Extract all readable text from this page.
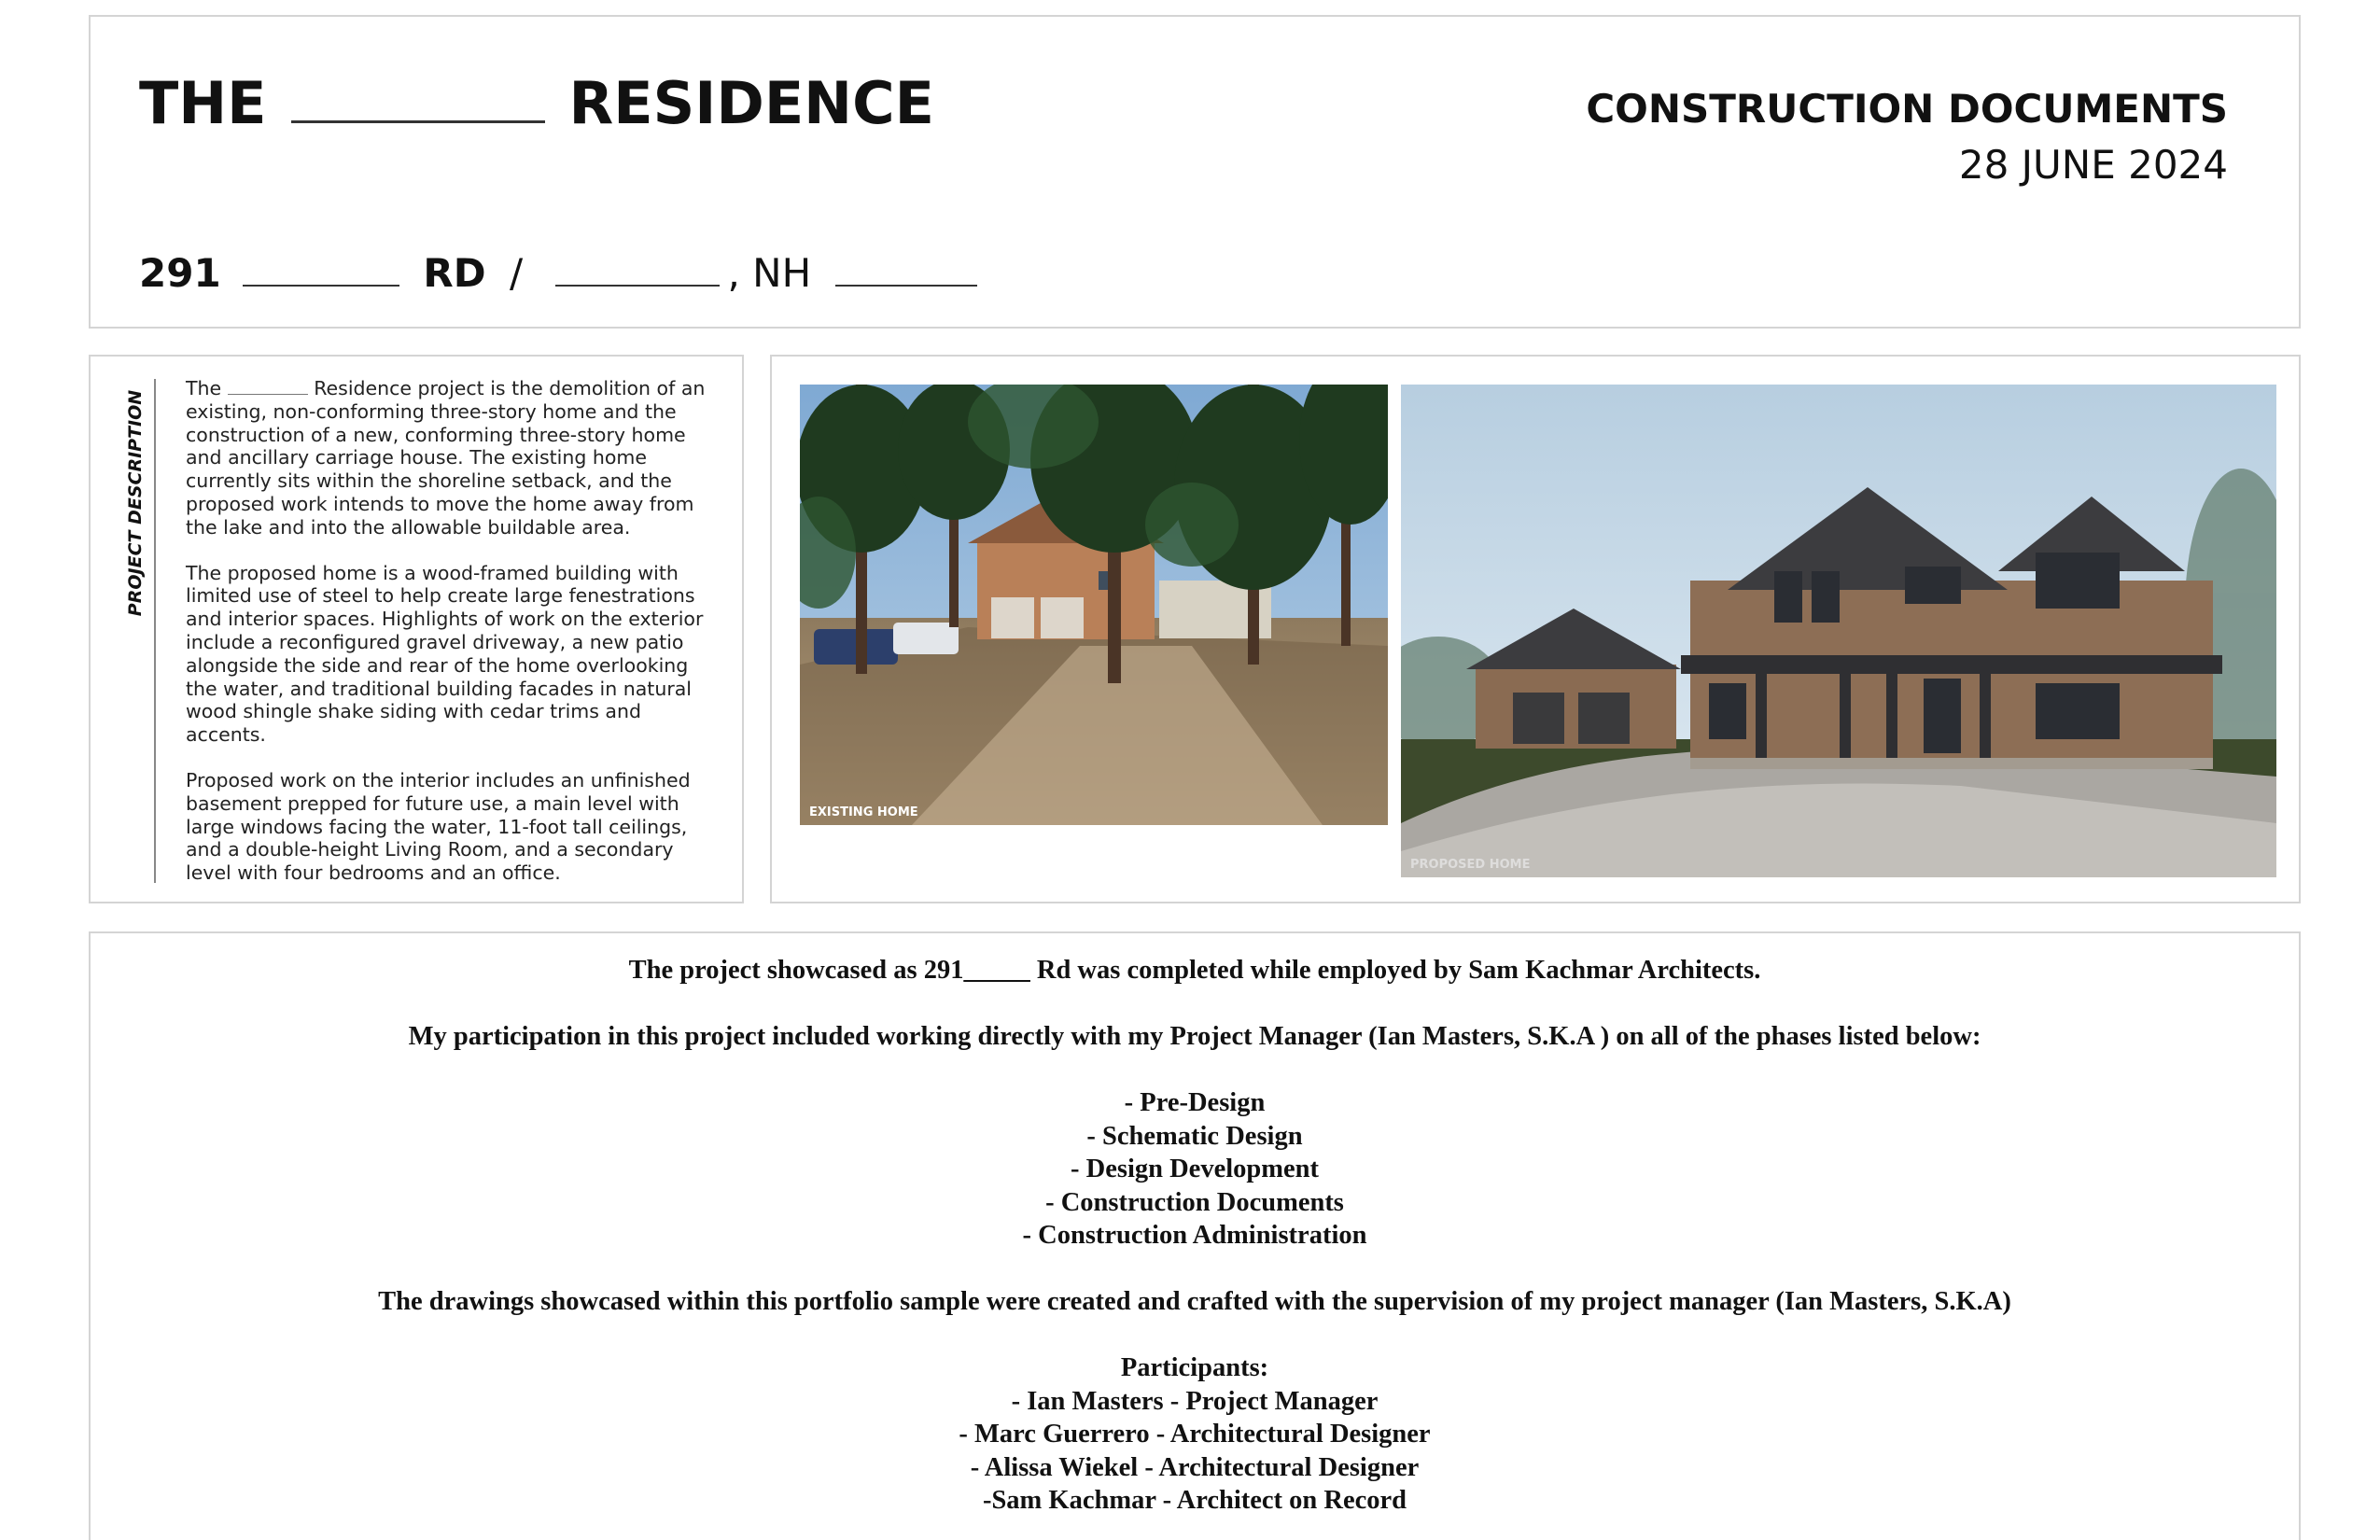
THE	RESIDENCE
291	RD /	, NH
CONSTRUCTION DOCUMENTS
28 JUNE 2024
PROJECT DESCRIPTION

The	Residence project is the demolition of an existing, non-conforming three-story home and the construction of a new, conforming three-story home and ancillary carriage house. The existing home currently sits within the shoreline setback, and the proposed work intends to move the home away from the lake and into the allowable buildable area.

The proposed home is a wood-framed building with limited use of steel to help create large fenestrations and interior spaces. Highlights of work on the exterior include a reconfigured gravel driveway, a new patio alongside the side and rear of the home overlooking the water, and traditional building facades in natural wood shingle shake siding with cedar trims and accents.

Proposed work on the interior includes an unfinished basement prepped for future use, a main level with large windows facing the water, 11-foot tall ceilings, and a double-height Living Room, and a secondary level with four bedrooms and an office.

EXISTING HOME
PROPOSED HOME
The project showcased as 291_____ Rd was completed while employed by Sam Kachmar Architects.
My participation in this project included working directly with my Project Manager (Ian Masters, S.K.A ) on all of the phases listed below:
- Pre-Design
- Schematic Design
- Design Development
- Construction Documents
- Construction Administration
The drawings showcased within this portfolio sample were created and crafted with the supervision of my project manager (Ian Masters, S.K.A)
Participants:
- Ian Masters - Project Manager
- Marc Guerrero - Architectural Designer
- Alissa Wiekel - Architectural Designer
-Sam Kachmar - Architect on Record
